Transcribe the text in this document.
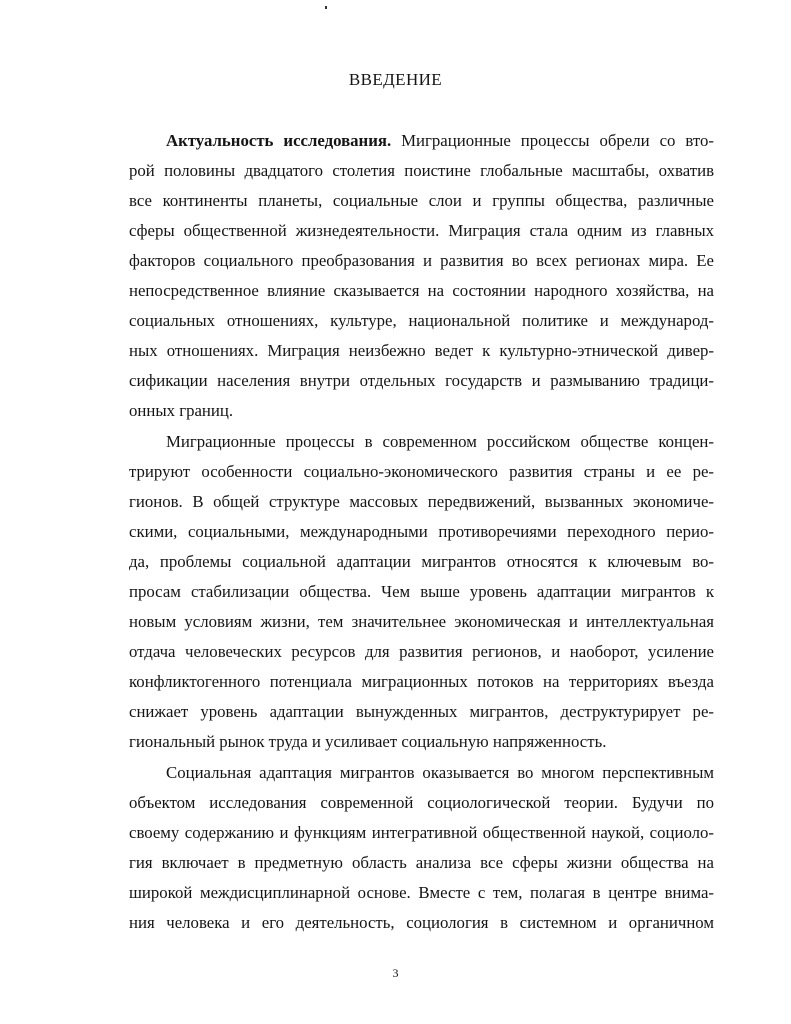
ВВЕДЕНИЕ
Актуальность исследования. Миграционные процессы обрели со вто-
рой половины двадцатого столетия поистине глобальные масштабы, охватив
все континенты планеты, социальные слои и группы общества, различные
сферы общественной жизнедеятельности. Миграция стала одним из главных
факторов социального преобразования и развития во всех регионах мира. Ее
непосредственное влияние сказывается на состоянии народного хозяйства, на
социальных отношениях, культуре, национальной политике и международ-
ных отношениях. Миграция неизбежно ведет к культурно-этнической дивер-
сификации населения внутри отдельных государств и размыванию традици-
онных границ.
Миграционные процессы в современном российском обществе концен-
трируют особенности социально-экономического развития страны и ее ре-
гионов. В общей структуре массовых передвижений, вызванных экономиче-
скими, социальными, международными противоречиями переходного перио-
да, проблемы социальной адаптации мигрантов относятся к ключевым во-
просам стабилизации общества. Чем выше уровень адаптации мигрантов к
новым условиям жизни, тем значительнее экономическая и интеллектуальная
отдача человеческих ресурсов для развития регионов, и наоборот, усиление
конфликтогенного потенциала миграционных потоков на территориях въезда
снижает уровень адаптации вынужденных мигрантов, деструктурирует ре-
гиональный рынок труда и усиливает социальную напряженность.
Социальная адаптация мигрантов оказывается во многом перспективным
объектом исследования современной социологической теории. Будучи по
своему содержанию и функциям интегративной общественной наукой, социоло-
гия включает в предметную область анализа все сферы жизни общества на
широкой междисциплинарной основе. Вместе с тем, полагая в центре внима-
ния человека и его деятельность, социология в системном и органичном
3
